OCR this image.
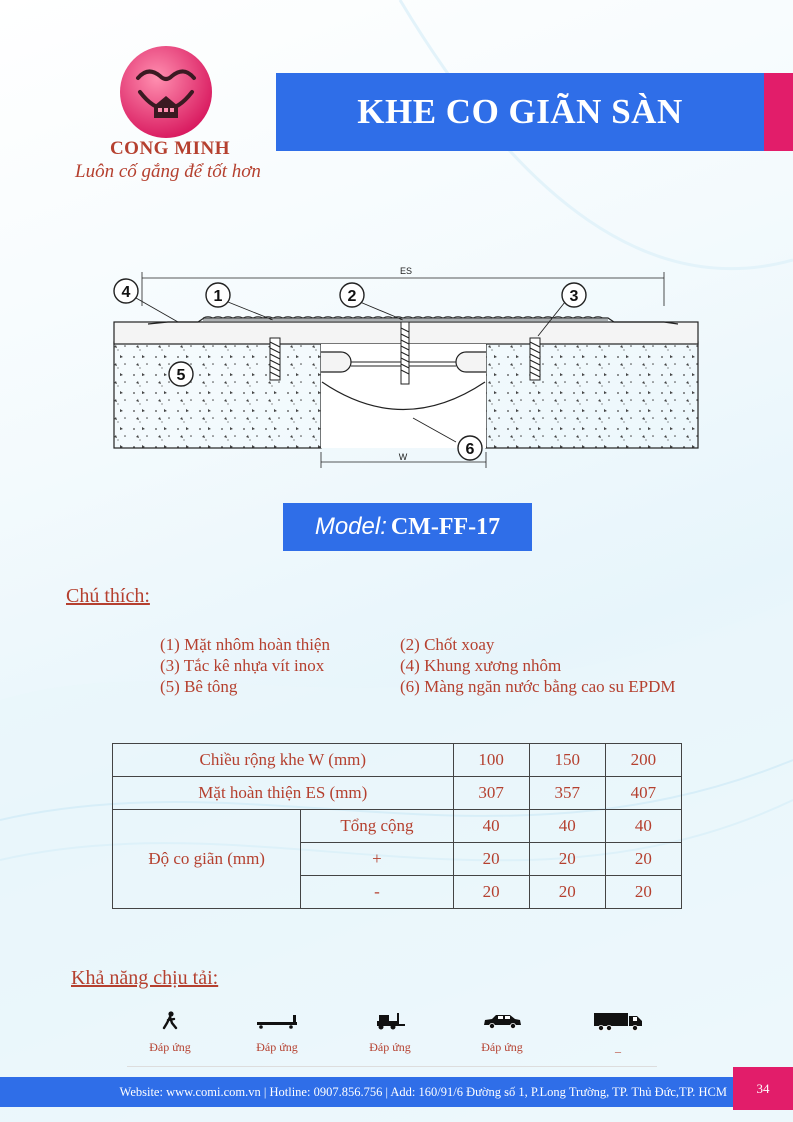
CONG MINH
Luôn cố gắng để tốt hơn
KHE CO GIÃN SÀN
ES
W
4	1	2	3
5
6
Model: CM-FF-17
Chú thích:
(1) Mặt nhôm hoàn thiện	(2) Chốt xoay
(3) Tắc kê nhựa vít inox	(4) Khung xương nhôm
(5) Bê tông	(6) Màng ngăn nước bằng cao su EPDM
Chiều rộng khe W (mm)		100	150	200
Mặt hoàn thiện ES (mm)		307	357	407
Độ co giãn (mm)	Tổng cộng	40	40	40
	+	20	20	20
	-	20	20	20
Khả năng chịu tải:
Đáp ứng	Đáp ứng	Đáp ứng	Đáp ứng	_
Website: www.comi.com.vn | Hotline: 0907.856.756 | Add: 160/91/6 Đường số 1, P.Long Trường, TP. Thủ Đức,TP. HCM	34
